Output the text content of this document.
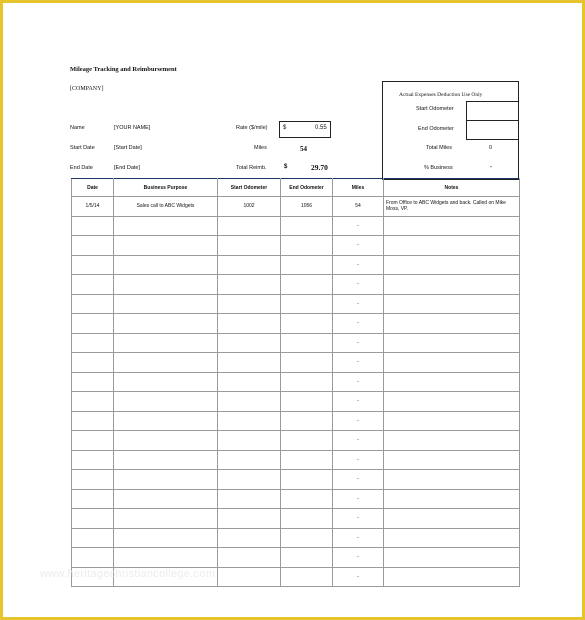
Mileage Tracking and Reimbursement
[COMPANY]
Name	[YOUR NAME]
Start Date	[Start Date]
End Date	[End Date]
Rate ($/mile)	$	0.55
Miles	54
Total Reimb.	$	29.70
Actual Expenses Deduction Use Only
Start Odometer
End Odometer
Total Miles	0
% Business	-
Date	Business Purpose	Start Odometer	End Odometer	Miles	Notes
1/5/14	Sales call to ABC Widgets	1002	1056	54	From Office to ABC Widgets and back. Called on Mike Moss, VP.
				-	
				-	
				-	
				-	
				-	
				-	
				-	
				-	
				-	
				-	
				-	
				-	
				-	
				-	
				-	
				-	
				-	
				-	
				-	
www.heritagechristiancollege.com
